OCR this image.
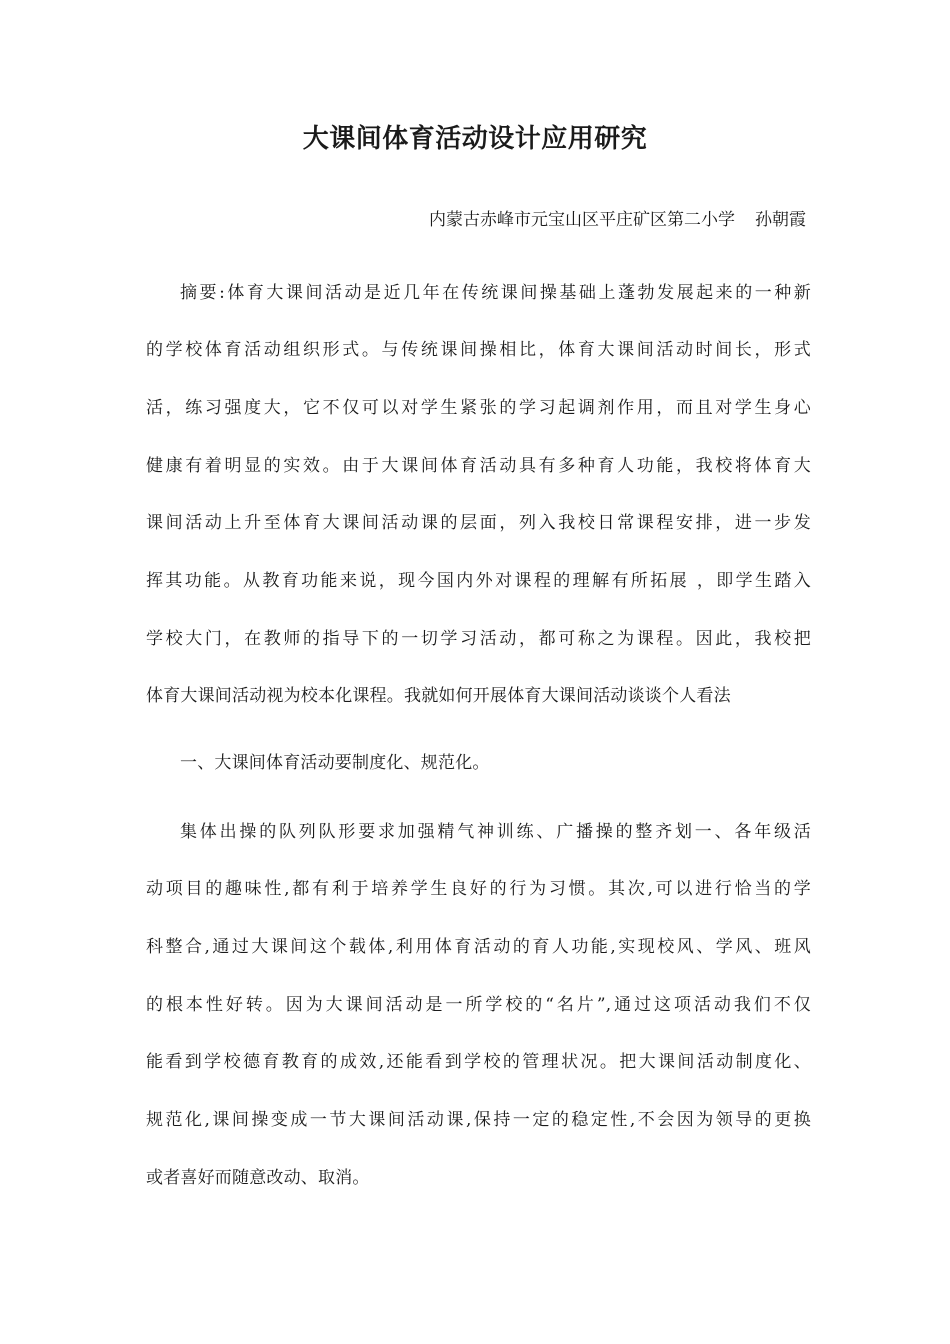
大课间体育活动设计应用研究
内蒙古赤峰市元宝山区平庄矿区第二小学 孙朝霞
摘要:体育大课间活动是近几年在传统课间操基础上蓬勃发展起来的一种新
的学校体育活动组织形式。与传统课间操相比，体育大课间活动时间长，形式
活，练习强度大，它不仅可以对学生紧张的学习起调剂作用，而且对学生身心
健康有着明显的实效。由于大课间体育活动具有多种育人功能，我校将体育大
课间活动上升至体育大课间活动课的层面，列入我校日常课程安排，进一步发
挥其功能。从教育功能来说，现今国内外对课程的理解有所拓展 ，即学生踏入
学校大门，在教师的指导下的一切学习活动，都可称之为课程。因此，我校把
体育大课间活动视为校本化课程。我就如何开展体育大课间活动谈谈个人看法
一、大课间体育活动要制度化、规范化。
集体出操的队列队形要求加强精气神训练、广播操的整齐划一、各年级活
动项目的趣味性,都有利于培养学生良好的行为习惯。其次,可以进行恰当的学
科整合,通过大课间这个载体,利用体育活动的育人功能,实现校风、学风、班风
的根本性好转。因为大课间活动是一所学校的“名片”,通过这项活动我们不仅
能看到学校德育教育的成效,还能看到学校的管理状况。把大课间活动制度化、
规范化,课间操变成一节大课间活动课,保持一定的稳定性,不会因为领导的更换
或者喜好而随意改动、取消。
